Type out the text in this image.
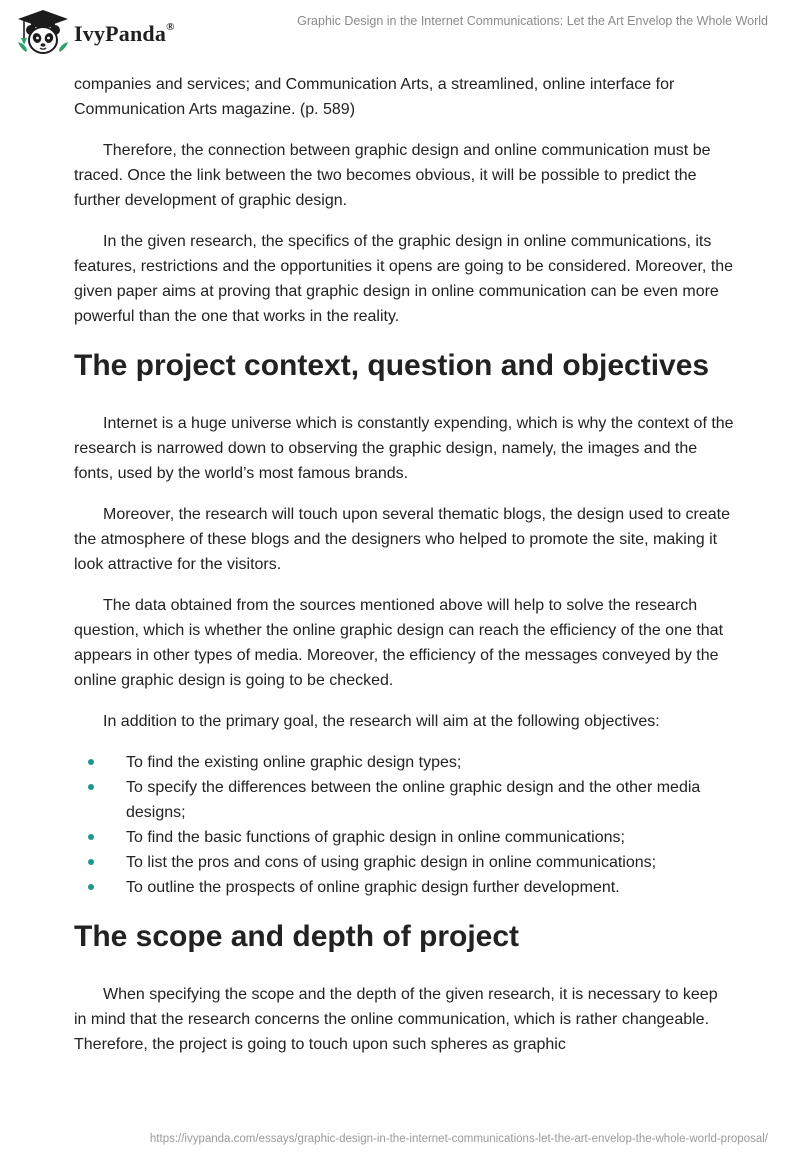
IvyPanda®	Graphic Design in the Internet Communications: Let the Art Envelop the Whole World

companies and services; and Communication Arts, a streamlined, online interface for Communication Arts magazine. (p. 589)

Therefore, the connection between graphic design and online communication must be traced. Once the link between the two becomes obvious, it will be possible to predict the further development of graphic design.

In the given research, the specifics of the graphic design in online communications, its features, restrictions and the opportunities it opens are going to be considered. Moreover, the given paper aims at proving that graphic design in online communication can be even more powerful than the one that works in the reality.

The project context, question and objectives

Internet is a huge universe which is constantly expending, which is why the context of the research is narrowed down to observing the graphic design, namely, the images and the fonts, used by the world’s most famous brands.

Moreover, the research will touch upon several thematic blogs, the design used to create the atmosphere of these blogs and the designers who helped to promote the site, making it look attractive for the visitors.

The data obtained from the sources mentioned above will help to solve the research question, which is whether the online graphic design can reach the efficiency of the one that appears in other types of media. Moreover, the efficiency of the messages conveyed by the online graphic design is going to be checked.

In addition to the primary goal, the research will aim at the following objectives:

To find the existing online graphic design types;
To specify the differences between the online graphic design and the other media designs;
To find the basic functions of graphic design in online communications;
To list the pros and cons of using graphic design in online communications;
To outline the prospects of online graphic design further development.
The scope and depth of project

When specifying the scope and the depth of the given research, it is necessary to keep in mind that the research concerns the online communication, which is rather changeable. Therefore, the project is going to touch upon such spheres as graphic

https://ivypanda.com/essays/graphic-design-in-the-internet-communications-let-the-art-envelop-the-whole-world-proposal/
